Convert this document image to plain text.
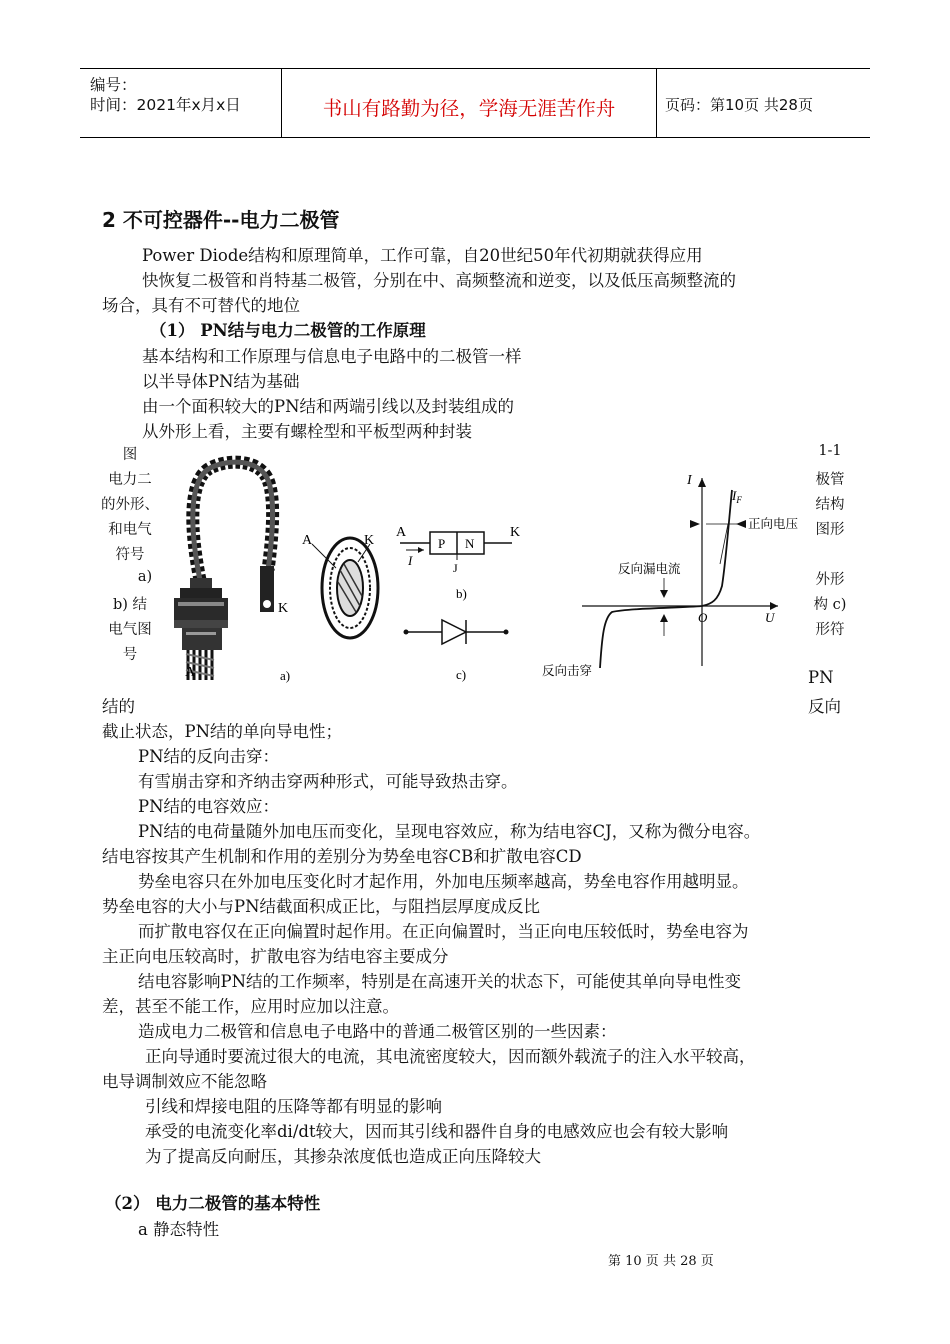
编号：
时间：2021年x月x日	书山有路勤为径，学海无涯苦作舟	页码：第10页 共28页
2 不可控器件--电力二极管
Power Diode结构和原理简单，工作可靠，自20世纪50年代初期就获得应用
快恢复二极管和肖特基二极管，分别在中、高频整流和逆变，以及低压高频整流的
场合，具有不可替代的地位
（1） PN结与电力二极管的工作原理
基本结构和工作原理与信息电子电路中的二极管一样
以半导体PN结为基础
由一个面积较大的PN结和两端引线以及封装组成的
从外形上看，主要有螺栓型和平板型两种封装
图
电力二
的外形、
和电气
符号
a)
b) 结
电气图
号
1-1
极管
结构
图形
外形
构 c)
形符
A
K
a)
A	K
A	K
I
P N
J
b)
c)
I
$I_F$
正向电压
反向漏电流
O	U
反向击穿	PN
结的	反向
截止状态，PN结的单向导电性；
PN结的反向击穿：
有雪崩击穿和齐纳击穿两种形式，可能导致热击穿。
PN结的电容效应：
PN结的电荷量随外加电压而变化，呈现电容效应，称为结电容CJ，又称为微分电容。
结电容按其产生机制和作用的差别分为势垒电容CB和扩散电容CD
势垒电容只在外加电压变化时才起作用，外加电压频率越高，势垒电容作用越明显。
势垒电容的大小与PN结截面积成正比，与阻挡层厚度成反比
而扩散电容仅在正向偏置时起作用。在正向偏置时，当正向电压较低时，势垒电容为
主正向电压较高时，扩散电容为结电容主要成分
结电容影响PN结的工作频率，特别是在高速开关的状态下，可能使其单向导电性变
差，甚至不能工作，应用时应加以注意。
造成电力二极管和信息电子电路中的普通二极管区别的一些因素：
正向导通时要流过很大的电流，其电流密度较大，因而额外载流子的注入水平较高，
电导调制效应不能忽略
引线和焊接电阻的压降等都有明显的影响
承受的电流变化率di/dt较大，因而其引线和器件自身的电感效应也会有较大影响
为了提高反向耐压，其掺杂浓度低也造成正向压降较大
（2） 电力二极管的基本特性
a 静态特性
第 10 页 共 28 页
